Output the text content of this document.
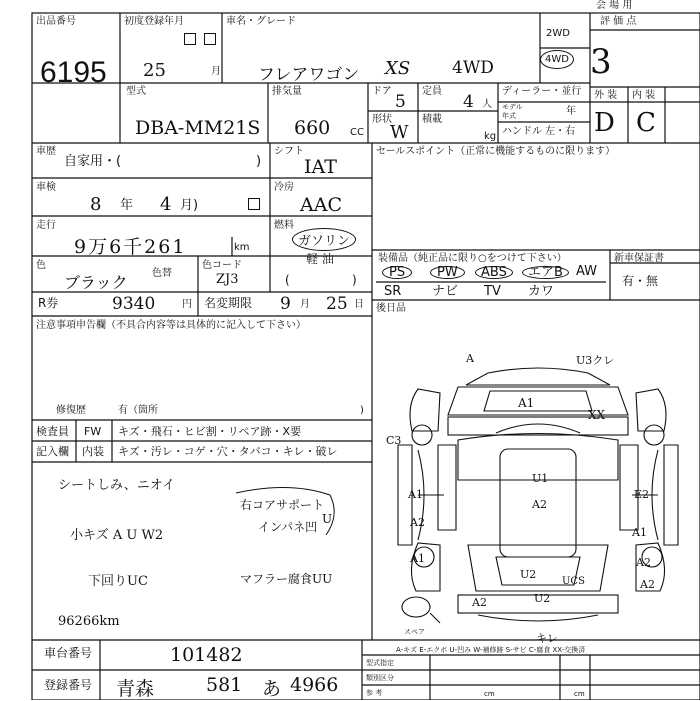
会 場 用
出品番号
6195
初度登録年月
25	月
車名・グレード
フレアワゴン XS 4WD
2WD
4WD
評 価 点
3
型式
DBA-MM21S
排気量
660 CC
ドア
5
定員
4 人
形状
W
積載
kg
ディーラー・並行
モデル
年式	年
ハンドル 左・右
外 装 内 装
D C
車歴
自家用・(	)
シフト
IAT
車検
8 年 4 月)
冷房
AAC
走行
9万6千261	km
燃料
ガソリン
軽 油
(	)
色
ブラック 色替
色コード
ZJ3
R券	9340	円 名変期限 9 月 25 日
注意事項申告欄（不具合内容等は具体的に記入して下さい）
修復歴	有（箇所	)
セールスポイント（正常に機能するものに限ります）
装備品（純正品に限り○をつけて下さい）	新車保証書
有・無
PS	PW	ABS	エアB	AW
SR ナビ TV カワ
後日品
検査員
記入欄
FW キズ・飛石・ヒビ割・リペア跡・X要
内装 キズ・汚レ・コゲ・穴・タバコ・キレ・破レ
シートしみ、ニオイ
小キズ A U W2
右コアサポート
インパネ凹
U
下回りUC	マフラー腐食UU
96266km
A	U3クレ
A1
XX
C3
U1
A2
A1
A2
E2
A1
A1	A2
A2
U2
UCS
A2	U2
スペア	キレ
A-キズ E-エクボ U-凹み W-補修跡 S-サビ C-腐食 XX-交換済
車台番号	101482
登録番号 青森	581 あ 4966
型式指定
類別区分
参 考	cm	cm
